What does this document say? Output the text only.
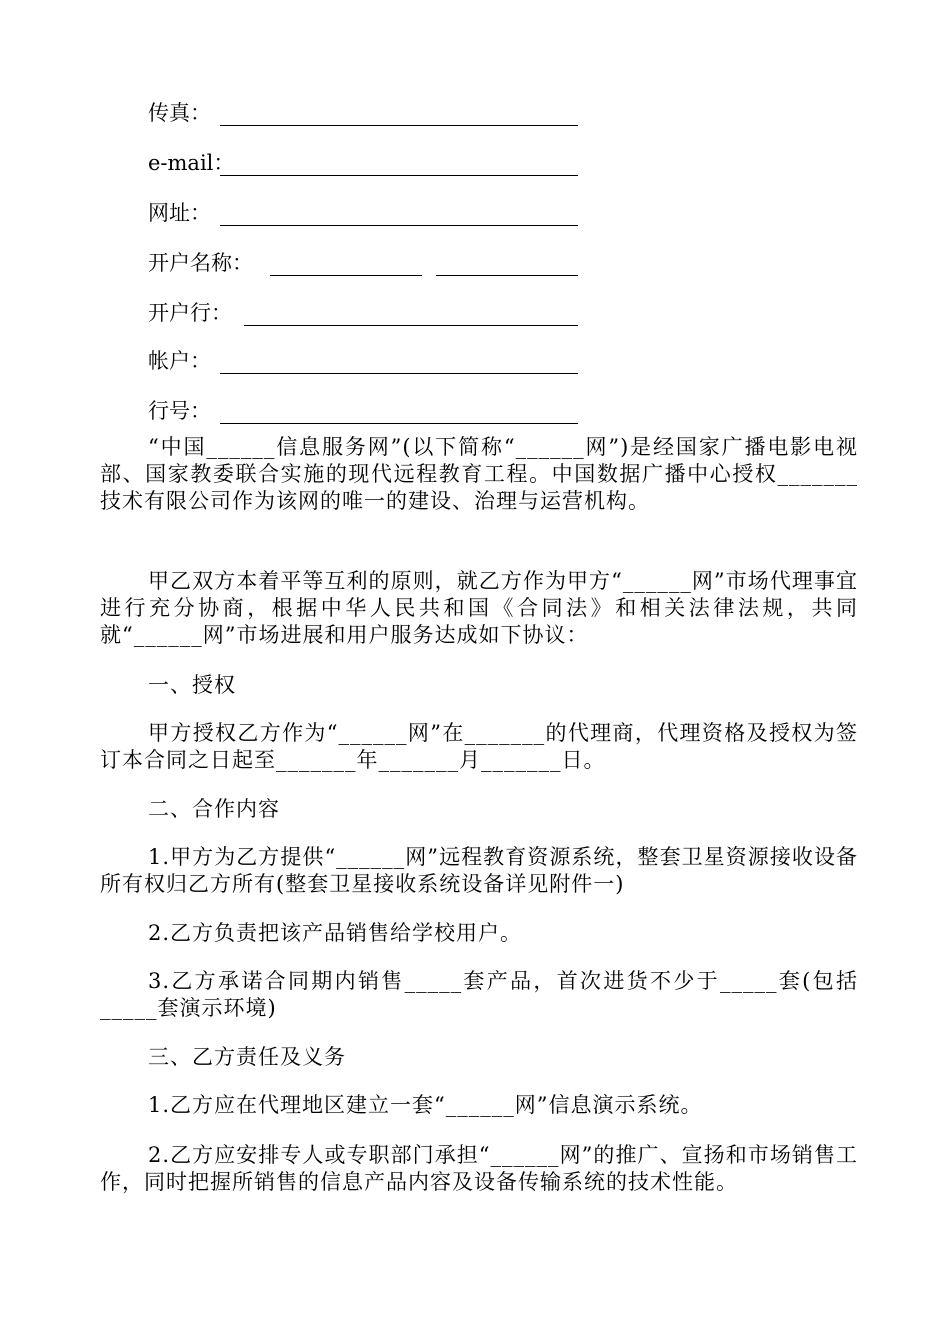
传真：
e-mail：
网址：
开户名称：
开户行：
帐户：
行号：

“中国______信息服务网”(以下简称“______网”)是经国家广播电影电视部、国家教委联合实施的现代远程教育工程。中国数据广播中心授权_______技术有限公司作为该网的唯一的建设、治理与运营机构。

甲乙双方本着平等互利的原则，就乙方作为甲方“______网”市场代理事宜进行充分协商，根据中华人民共和国《合同法》和相关法律法规，共同就“______网”市场进展和用户服务达成如下协议：

一、授权

甲方授权乙方作为“______网”在_______的代理商，代理资格及授权为签订本合同之日起至_______年_______月_______日。

二、合作内容

1.甲方为乙方提供“______网”远程教育资源系统，整套卫星资源接收设备所有权归乙方所有(整套卫星接收系统设备详见附件一)

2.乙方负责把该产品销售给学校用户。

3.乙方承诺合同期内销售_____套产品，首次进货不少于_____套(包括_____套演示环境)

三、乙方责任及义务

1.乙方应在代理地区建立一套“______网”信息演示系统。

2.乙方应安排专人或专职部门承担“______网”的推广、宣扬和市场销售工作，同时把握所销售的信息产品内容及设备传输系统的技术性能。
